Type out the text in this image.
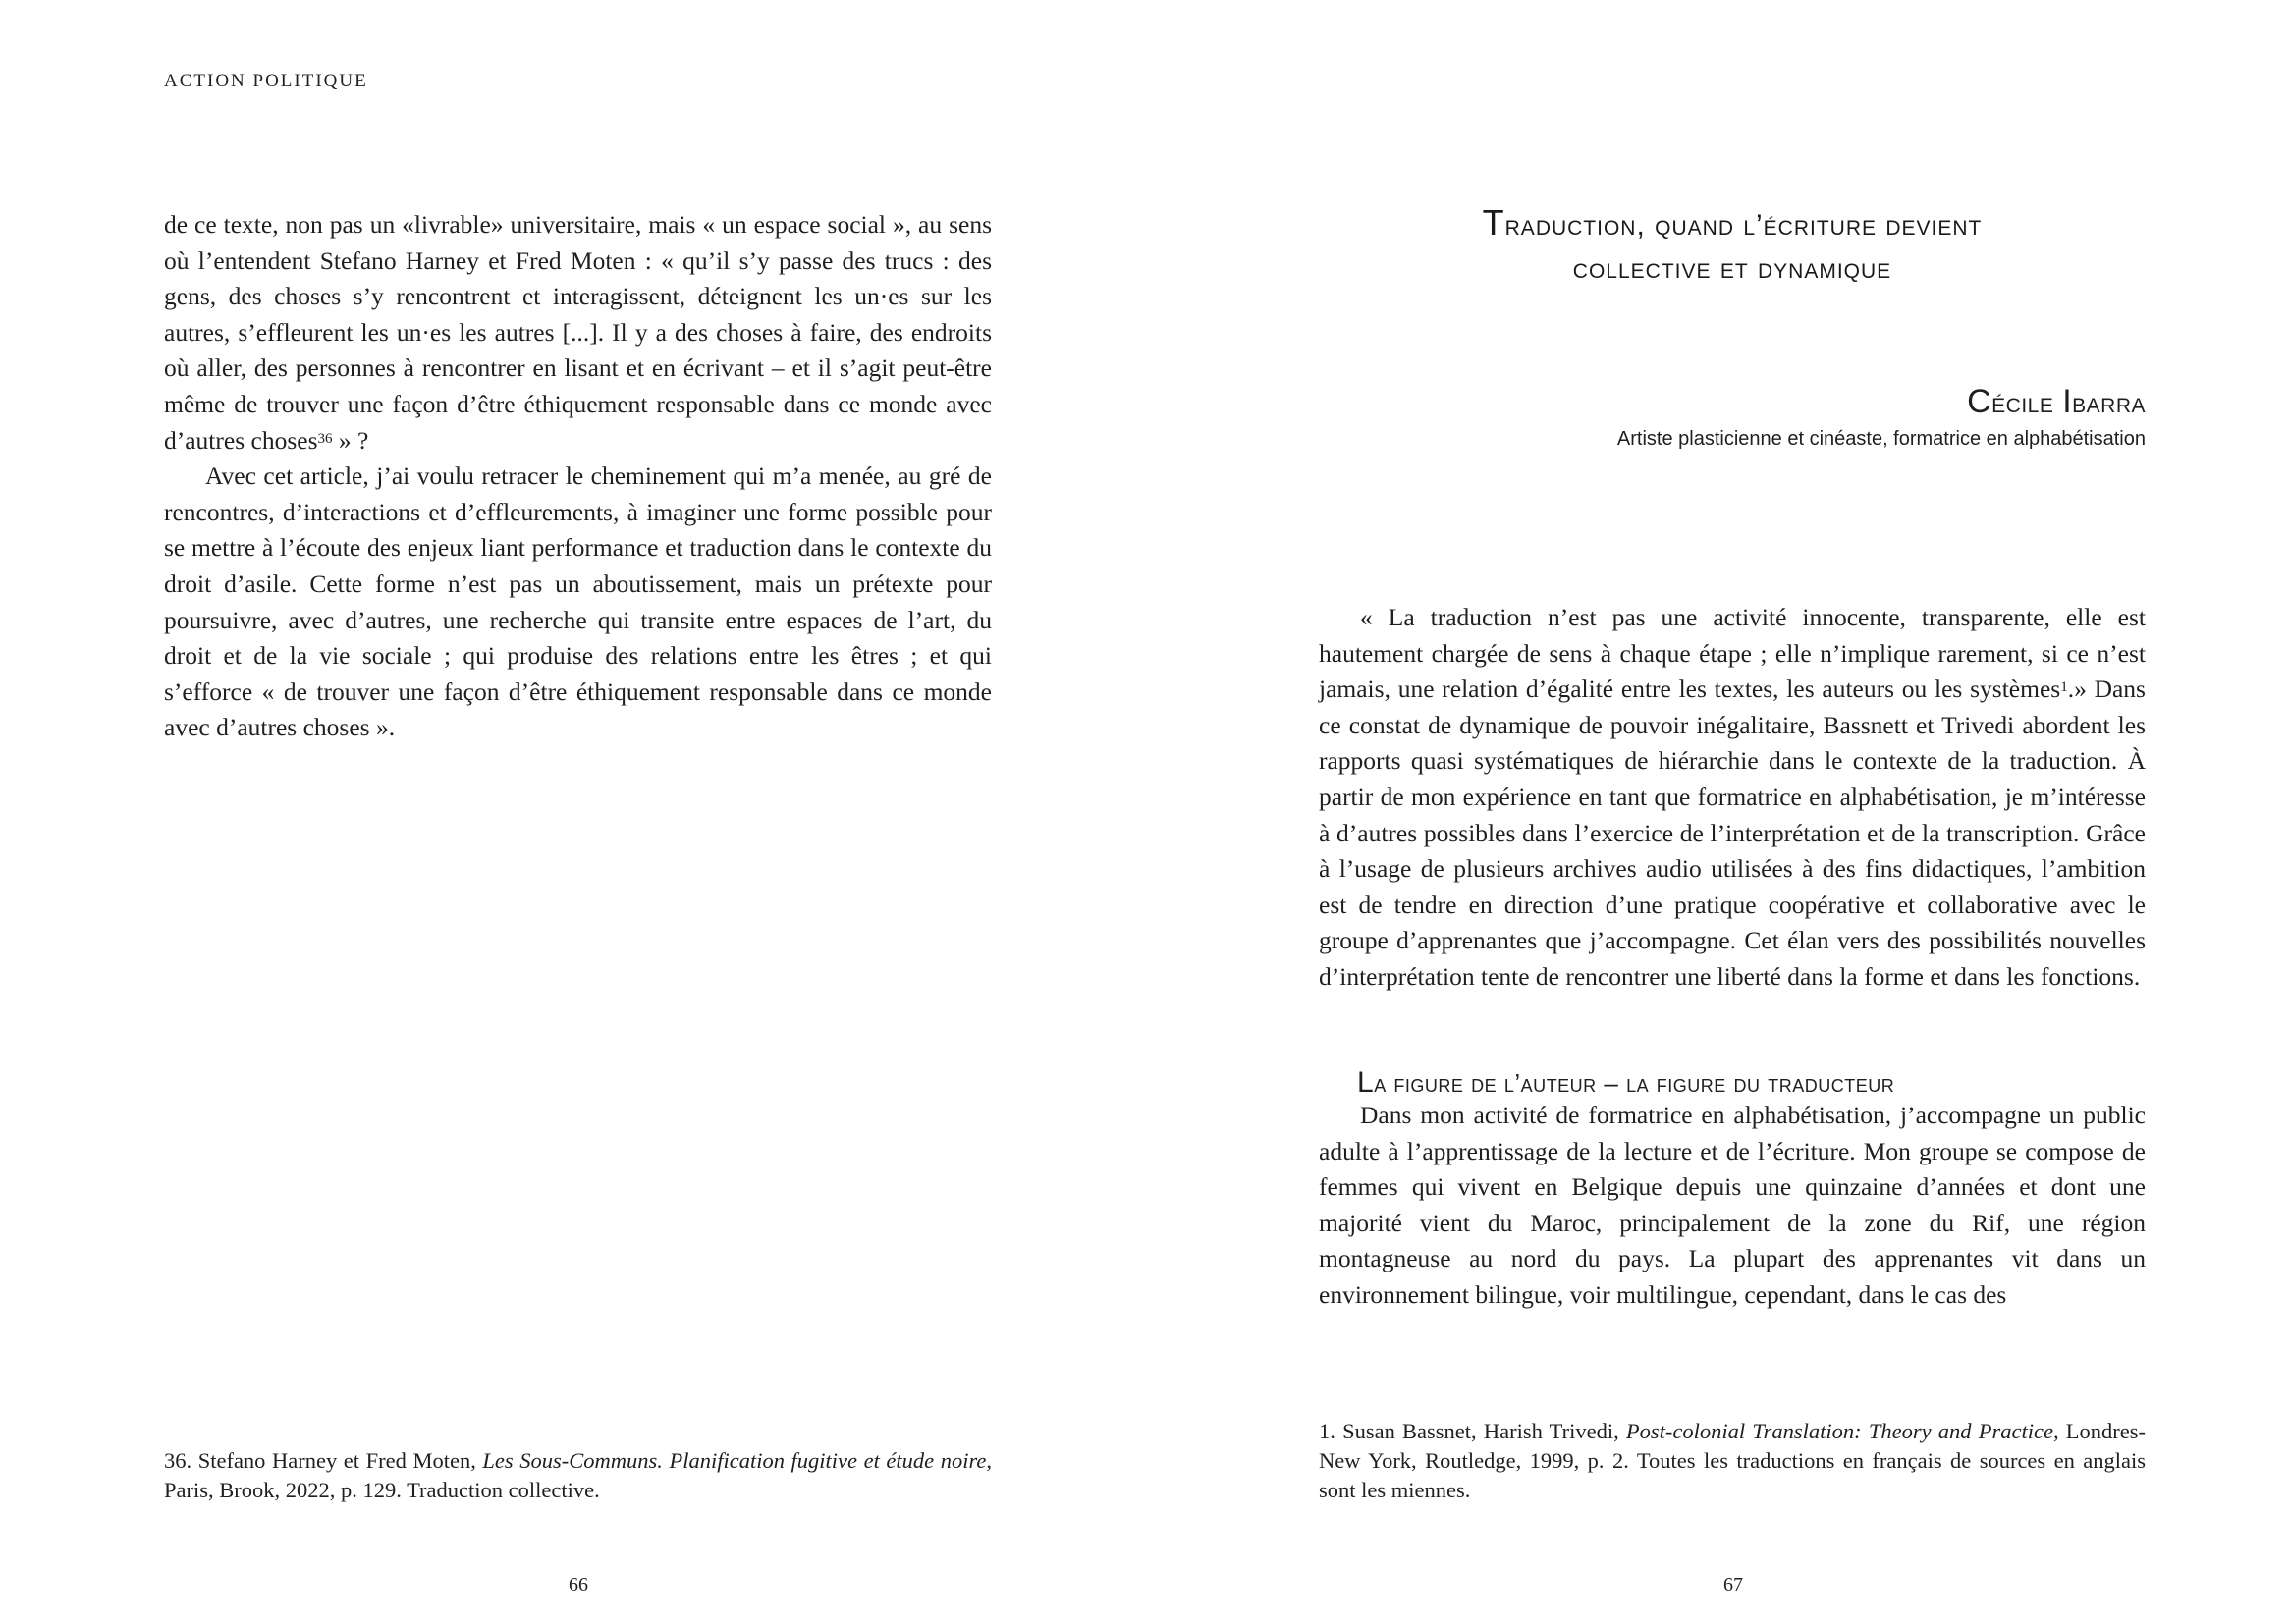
ACTION POLITIQUE

de ce texte, non pas un «livrable» universitaire, mais « un espace social », au sens où l’entendent Stefano Harney et Fred Moten : « qu’il s’y passe des trucs : des gens, des choses s’y rencontrent et interagissent, déteignent les un·es sur les autres, s’effleurent les un·es les autres [...]. Il y a des choses à faire, des endroits où aller, des personnes à rencontrer en lisant et en écrivant – et il s’agit peut-être même de trouver une façon d’être éthiquement responsable dans ce monde avec d’autres choses$^{36}$ » ?

Avec cet article, j’ai voulu retracer le cheminement qui m’a menée, au gré de rencontres, d’interactions et d’effleurements, à imaginer une forme possible pour se mettre à l’écoute des enjeux liant performance et traduction dans le contexte du droit d’asile. Cette forme n’est pas un aboutissement, mais un prétexte pour poursuivre, avec d’autres, une recherche qui transite entre espaces de l’art, du droit et de la vie sociale ; qui produise des relations entre les êtres ; et qui s’efforce « de trouver une façon d’être éthiquement responsable dans ce monde avec d’autres choses ».

36. Stefano Harney et Fred Moten, Les Sous-Communs. Planification fugitive et étude noire, Paris, Brook, 2022, p. 129. Traduction collective.

66
Traduction, quand l’écriture devient
collective et dynamique
Cécile Ibarra
Artiste plasticienne et cinéaste, formatrice en alphabétisation

« La traduction n’est pas une activité innocente, transparente, elle est hautement chargée de sens à chaque étape ; elle n’implique rarement, si ce n’est jamais, une relation d’égalité entre les textes, les auteurs ou les systèmes$^1$.» Dans ce constat de dynamique de pouvoir inégalitaire, Bassnett et Trivedi abordent les rapports quasi systématiques de hiérarchie dans le contexte de la traduction. À partir de mon expérience en tant que formatrice en alphabétisation, je m’intéresse à d’autres possibles dans l’exercice de l’interprétation et de la transcription. Grâce à l’usage de plusieurs archives audio utilisées à des fins didactiques, l’ambition est de tendre en direction d’une pratique coopérative et collaborative avec le groupe d’apprenantes que j’accompagne. Cet élan vers des possibilités nouvelles d’interprétation tente de rencontrer une liberté dans la forme et dans les fonctions.

La figure de l’auteur – la figure du traducteur

Dans mon activité de formatrice en alphabétisation, j’accompagne un public adulte à l’apprentissage de la lecture et de l’écriture. Mon groupe se compose de femmes qui vivent en Belgique depuis une quinzaine d’années et dont une majorité vient du Maroc, principalement de la zone du Rif, une région montagneuse au nord du pays. La plupart des apprenantes vit dans un environnement bilingue, voir multilingue, cependant, dans le cas des

1. Susan Bassnet, Harish Trivedi, Post-colonial Translation: Theory and Practice, Londres-New York, Routledge, 1999, p. 2. Toutes les traductions en français de sources en anglais sont les miennes.

67
